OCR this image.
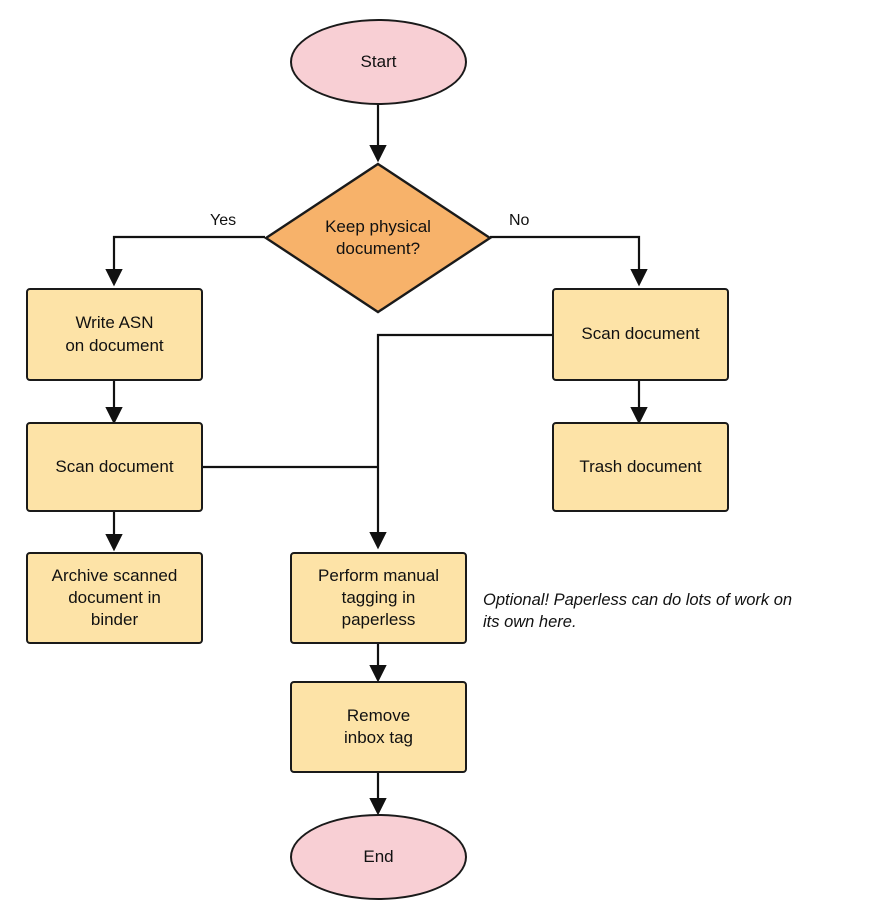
Keep physical
document?
Start
Write ASN
on document
Scan document
Archive scanned
document in
binder
Scan document
Trash document
Perform manual
tagging in
paperless
Remove
inbox tag
End
Yes	No
Optional! Paperless can do lots of work on
its own here.
